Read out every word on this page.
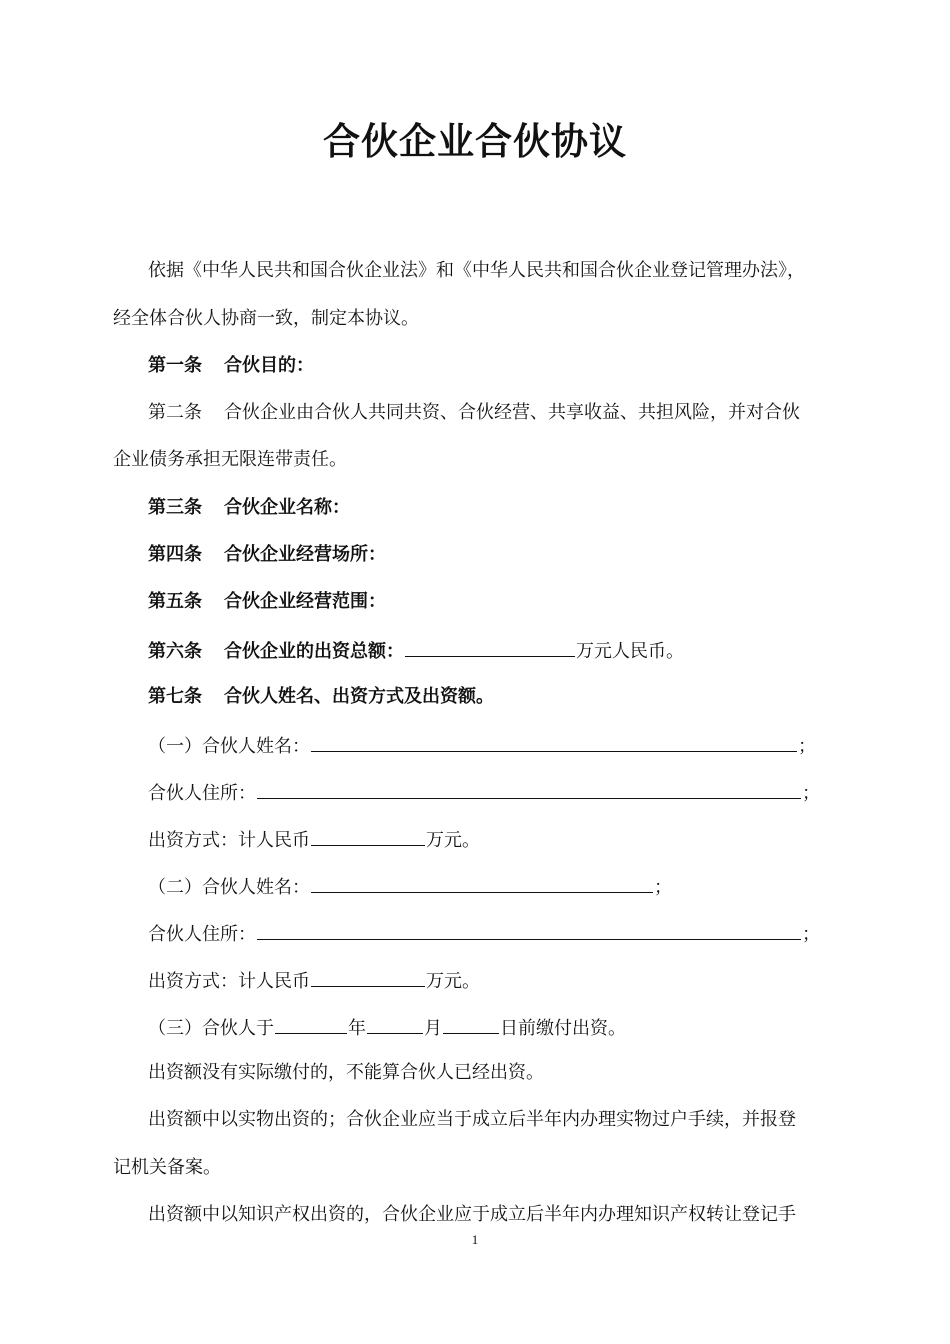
合伙企业合伙协议
依据《中华人民共和国合伙企业法》和《中华人民共和国合伙企业登记管理办法》，
经全体合伙人协商一致，制定本协议。
第一条 合伙目的：
第二条 合伙企业由合伙人共同共资、合伙经营、共享收益、共担风险，并对合伙
企业债务承担无限连带责任。
第三条 合伙企业名称：
第四条 合伙企业经营场所：
第五条 合伙企业经营范围：
第六条 合伙企业的出资总额：	万元人民币。
第七条 合伙人姓名、出资方式及出资额。
（一）合伙人姓名：	；
合伙人住所：	；
出资方式：计人民币	万元。
（二）合伙人姓名：	；
合伙人住所：	；
出资方式：计人民币	万元。
（三）合伙人于	年	月	日前缴付出资。
出资额没有实际缴付的，不能算合伙人已经出资。
出资额中以实物出资的；合伙企业应当于成立后半年内办理实物过户手续，并报登
记机关备案。
出资额中以知识产权出资的，合伙企业应于成立后半年内办理知识产权转让登记手
1
